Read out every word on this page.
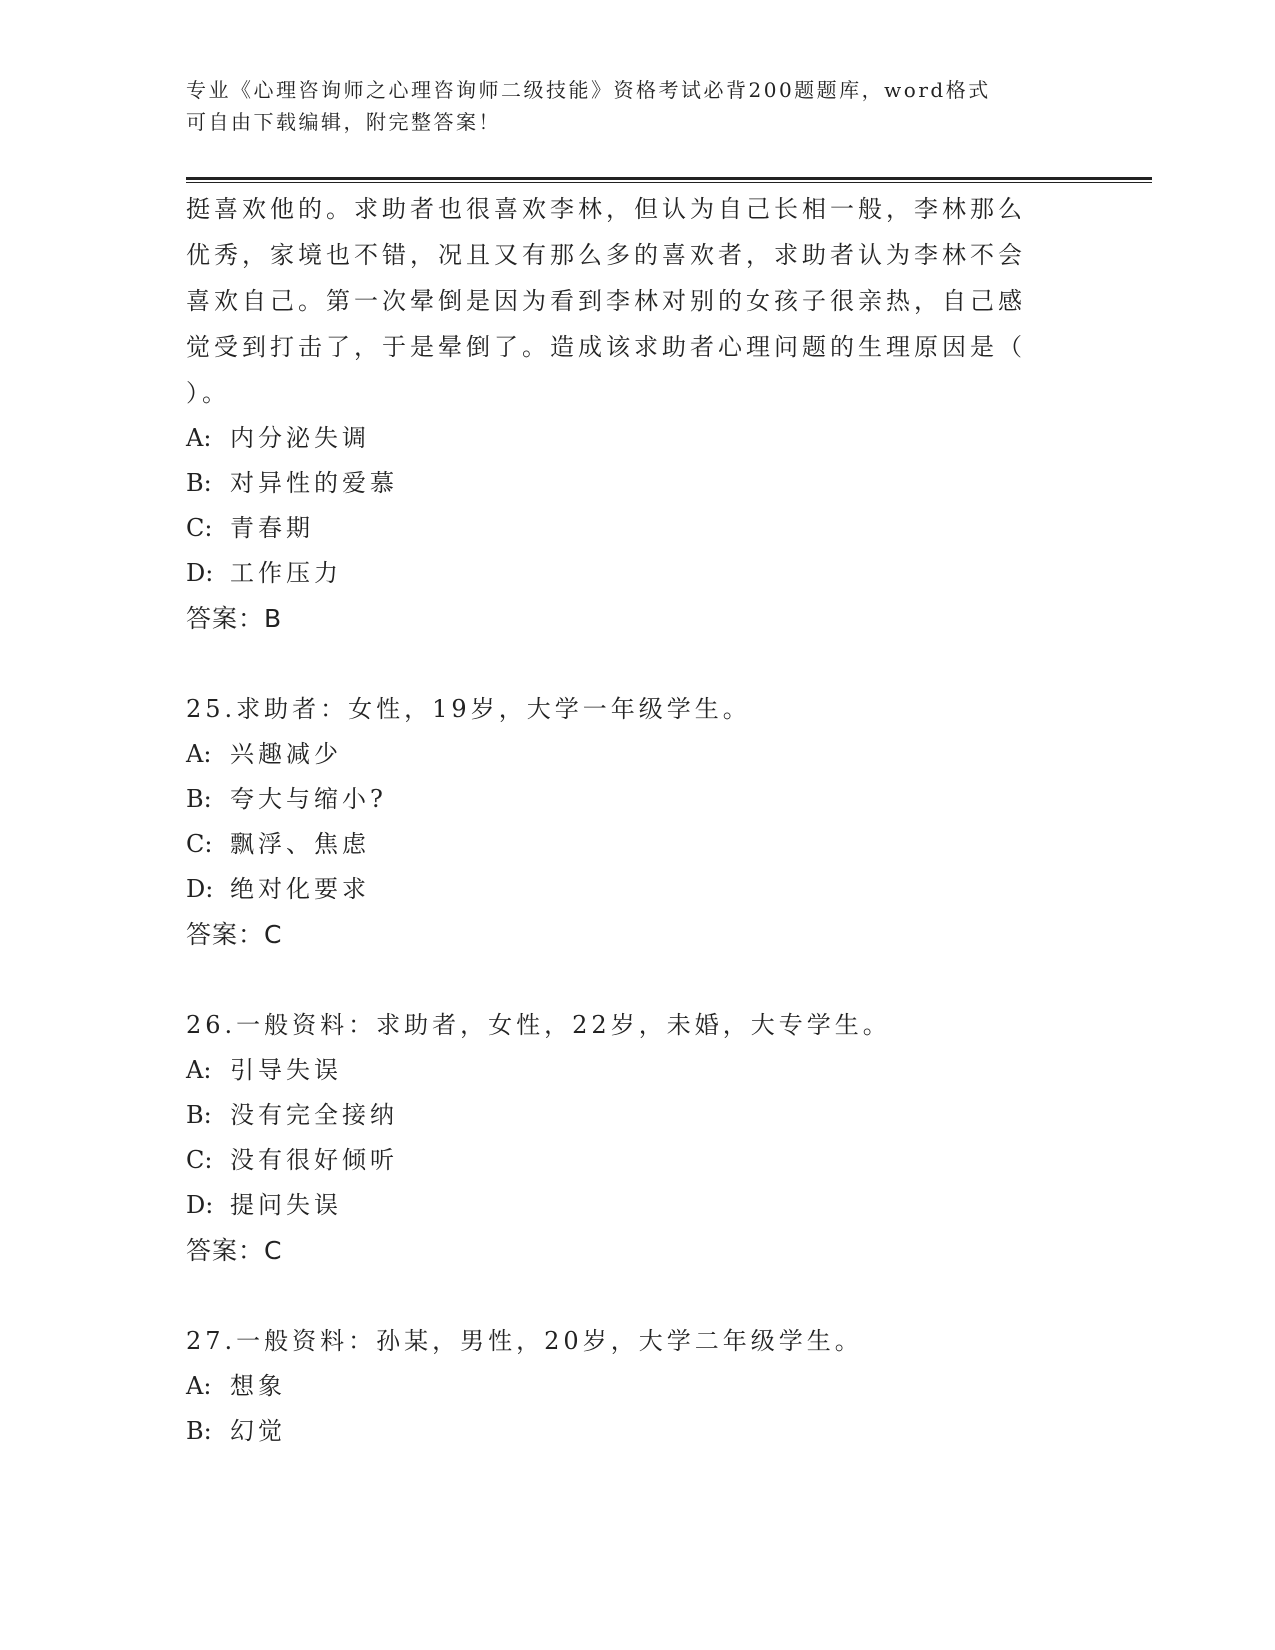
专业《心理咨询师之心理咨询师二级技能》资格考试必背200题题库，word格式
可自由下载编辑，附完整答案！
挺喜欢他的。求助者也很喜欢李林，但认为自己长相一般，李林那么
优秀，家境也不错，况且又有那么多的喜欢者，求助者认为李林不会
喜欢自己。第一次晕倒是因为看到李林对别的女孩子很亲热，自己感
觉受到打击了，于是晕倒了。造成该求助者心理问题的生理原因是（
）。
A: 内分泌失调
B: 对异性的爱慕
C: 青春期
D: 工作压力
答案：B
25.求助者：女性，19岁，大学一年级学生。
A: 兴趣减少
B: 夸大与缩小?
C: 飘浮、焦虑
D: 绝对化要求
答案：C
26.一般资料：求助者，女性，22岁，未婚，大专学生。
A: 引导失误
B: 没有完全接纳
C: 没有很好倾听
D: 提问失误
答案：C
27.一般资料：孙某，男性，20岁，大学二年级学生。
A: 想象
B: 幻觉
